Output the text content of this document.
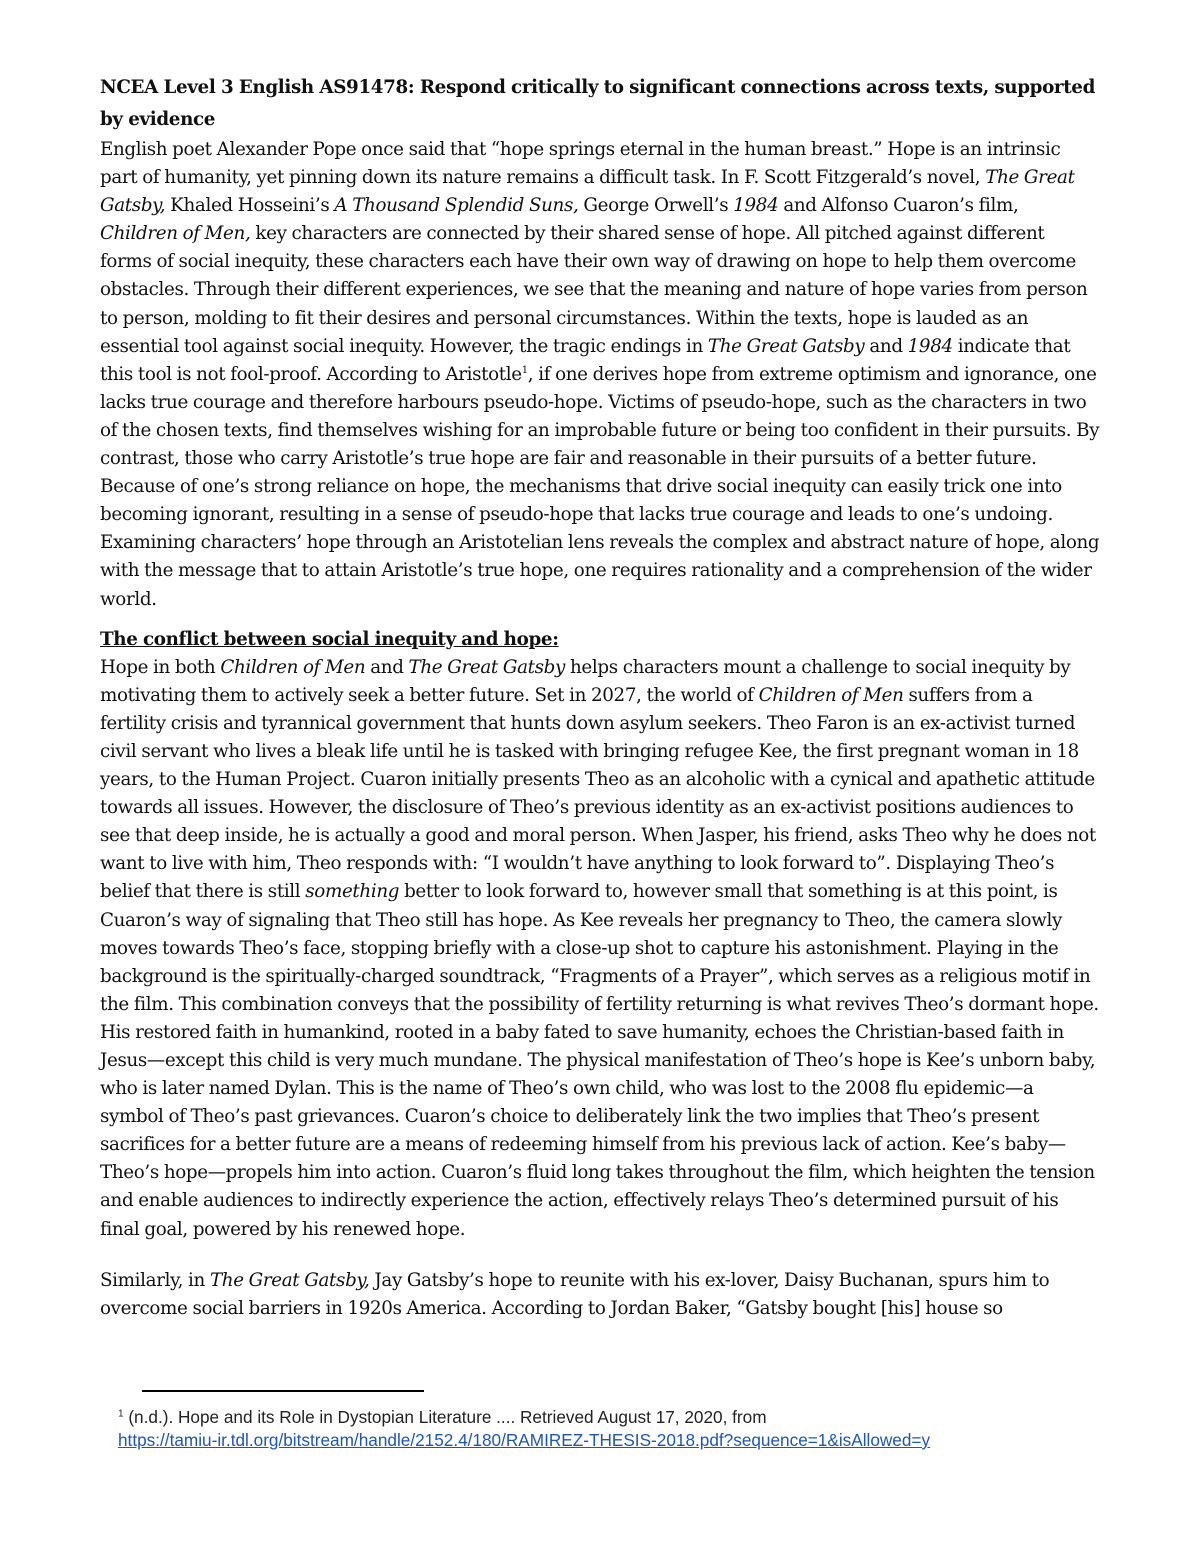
NCEA Level 3 English AS91478: Respond critically to significant connections across texts, supported by evidence

English poet Alexander Pope once said that “hope springs eternal in the human breast.” Hope is an intrinsic part of humanity, yet pinning down its nature remains a difficult task. In F. Scott Fitzgerald’s novel, The Great Gatsby, Khaled Hosseini’s A Thousand Splendid Suns, George Orwell’s 1984 and Alfonso Cuaron’s film, Children of Men, key characters are connected by their shared sense of hope. All pitched against different forms of social inequity, these characters each have their own way of drawing on hope to help them overcome obstacles. Through their different experiences, we see that the meaning and nature of hope varies from person to person, molding to fit their desires and personal circumstances. Within the texts, hope is lauded as an essential tool against social inequity. However, the tragic endings in The Great Gatsby and 1984 indicate that this tool is not fool-proof. According to Aristotle$^1$, if one derives hope from extreme optimism and ignorance, one lacks true courage and therefore harbours pseudo-hope. Victims of pseudo-hope, such as the characters in two of the chosen texts, find themselves wishing for an improbable future or being too confident in their pursuits. By contrast, those who carry Aristotle’s true hope are fair and reasonable in their pursuits of a better future. Because of one’s strong reliance on hope, the mechanisms that drive social inequity can easily trick one into becoming ignorant, resulting in a sense of pseudo-hope that lacks true courage and leads to one’s undoing. Examining characters’ hope through an Aristotelian lens reveals the complex and abstract nature of hope, along with the message that to attain Aristotle’s true hope, one requires rationality and a comprehension of the wider world.

The conflict between social inequity and hope:

Hope in both Children of Men and The Great Gatsby helps characters mount a challenge to social inequity by motivating them to actively seek a better future. Set in 2027, the world of Children of Men suffers from a fertility crisis and tyrannical government that hunts down asylum seekers. Theo Faron is an ex-activist turned civil servant who lives a bleak life until he is tasked with bringing refugee Kee, the first pregnant woman in 18 years, to the Human Project. Cuaron initially presents Theo as an alcoholic with a cynical and apathetic attitude towards all issues. However, the disclosure of Theo’s previous identity as an ex-activist positions audiences to see that deep inside, he is actually a good and moral person. When Jasper, his friend, asks Theo why he does not want to live with him, Theo responds with: “I wouldn’t have anything to look forward to”. Displaying Theo’s belief that there is still something better to look forward to, however small that something is at this point, is Cuaron’s way of signaling that Theo still has hope. As Kee reveals her pregnancy to Theo, the camera slowly moves towards Theo’s face, stopping briefly with a close-up shot to capture his astonishment. Playing in the background is the spiritually-charged soundtrack, “Fragments of a Prayer”, which serves as a religious motif in the film. This combination conveys that the possibility of fertility returning is what revives Theo’s dormant hope. His restored faith in humankind, rooted in a baby fated to save humanity, echoes the Christian-based faith in Jesus—except this child is very much mundane. The physical manifestation of Theo’s hope is Kee’s unborn baby, who is later named Dylan. This is the name of Theo’s own child, who was lost to the 2008 flu epidemic—a symbol of Theo’s past grievances. Cuaron’s choice to deliberately link the two implies that Theo’s present sacrifices for a better future are a means of redeeming himself from his previous lack of action. Kee’s baby—Theo’s hope—propels him into action. Cuaron’s fluid long takes throughout the film, which heighten the tension and enable audiences to indirectly experience the action, effectively relays Theo’s determined pursuit of his final goal, powered by his renewed hope.

Similarly, in The Great Gatsby, Jay Gatsby’s hope to reunite with his ex-lover, Daisy Buchanan, spurs him to overcome social barriers in 1920s America. According to Jordan Baker, “Gatsby bought [his] house so

$^1$ (n.d.). Hope and its Role in Dystopian Literature .... Retrieved August 17, 2020, from
https://tamiu-ir.tdl.org/bitstream/handle/2152.4/180/RAMIREZ-THESIS-2018.pdf?sequence=1&isAllowed=y
